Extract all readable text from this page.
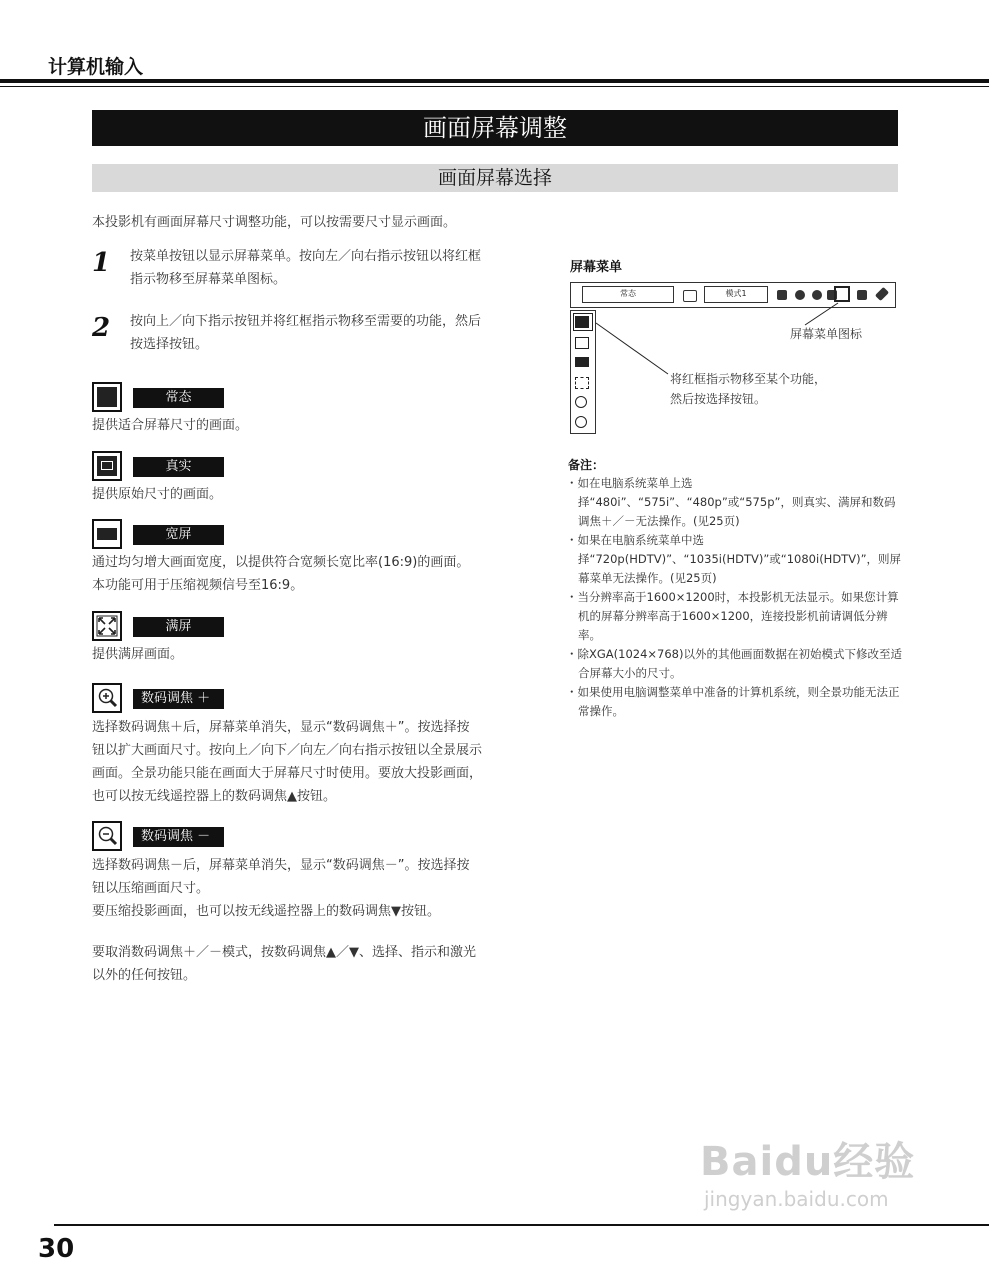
计算机输入
画面屏幕调整
画面屏幕选择
本投影机有画面屏幕尺寸调整功能，可以按需要尺寸显示画面。
1 按菜单按钮以显示屏幕菜单。按向左／向右指示按钮以将红框
指示物移至屏幕菜单图标。
2 按向上／向下指示按钮并将红框指示物移至需要的功能，然后
按选择按钮。
常态
提供适合屏幕尺寸的画面。
真实
提供原始尺寸的画面。
宽屏
通过均匀增大画面宽度，以提供符合宽频长宽比率(16:9)的画面。
本功能可用于压缩视频信号至16:9。
满屏
提供满屏画面。
数码调焦 ＋
选择数码调焦＋后，屏幕菜单消失，显示“数码调焦＋”。按选择按
钮以扩大画面尺寸。按向上／向下／向左／向右指示按钮以全景展示
画面。全景功能只能在画面大于屏幕尺寸时使用。要放大投影画面，
也可以按无线遥控器上的数码调焦▲按钮。
数码调焦 －
选择数码调焦－后，屏幕菜单消失，显示“数码调焦－”。按选择按
钮以压缩画面尺寸。
要压缩投影画面，也可以按无线遥控器上的数码调焦▼按钮。
要取消数码调焦＋／－模式，按数码调焦▲／▼、选择、指示和激光
以外的任何按钮。
屏幕菜单
常态	模式1
屏幕菜单图标
将红框指示物移至某个功能，
然后按选择按钮。
备注：

・如在电脑系统菜单上选择“480i”、“575i”、“480p”或“575p”，则真实、满屏和数码调焦＋／－无法操作。(见25页)

・如果在电脑系统菜单中选择“720p(HDTV)”、“1035i(HDTV)”或“1080i(HDTV)”，则屏幕菜单无法操作。(见25页)

・当分辨率高于1600×1200时，本投影机无法显示。如果您计算机的屏幕分辨率高于1600×1200，连接投影机前请调低分辨率。

・除XGA(1024×768)以外的其他画面数据在初始模式下修改至适合屏幕大小的尺寸。

・如果使用电脑调整菜单中准备的计算机系统，则全景功能无法正常操作。

Baidu经验
jingyan.baidu.com
30
